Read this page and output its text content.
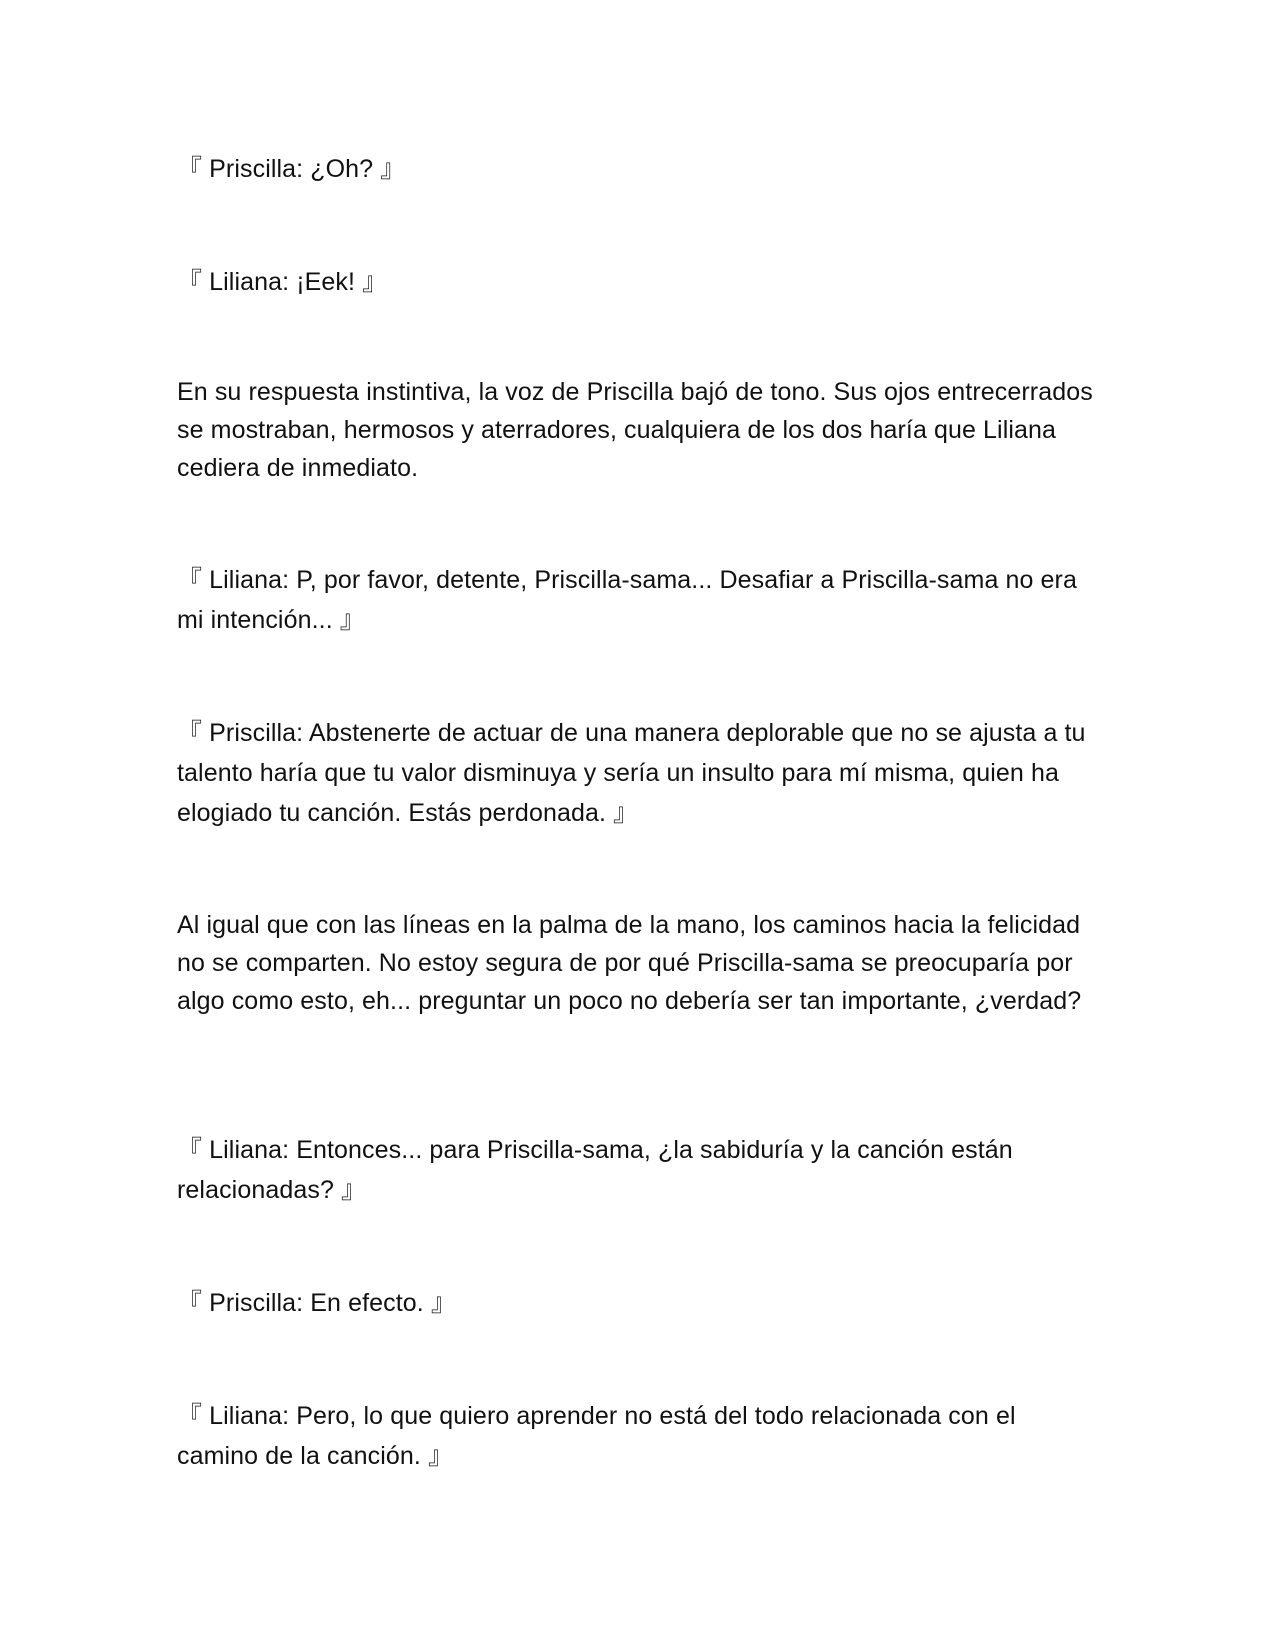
『 Priscilla: ¿Oh? 』

『 Liliana: ¡Eek! 』

En su respuesta instintiva, la voz de Priscilla bajó de tono. Sus ojos entrecerrados se mostraban, hermosos y aterradores, cualquiera de los dos haría que Liliana cediera de inmediato.

『 Liliana: P, por favor, detente, Priscilla-sama... Desafiar a Priscilla-sama no era mi intención... 』

『 Priscilla: Abstenerte de actuar de una manera deplorable que no se ajusta a tu talento haría que tu valor disminuya y sería un insulto para mí misma, quien ha elogiado tu canción. Estás perdonada. 』

Al igual que con las líneas en la palma de la mano, los caminos hacia la felicidad no se comparten. No estoy segura de por qué Priscilla-sama se preocuparía por algo como esto, eh... preguntar un poco no debería ser tan importante, ¿verdad?

『 Liliana: Entonces... para Priscilla-sama, ¿la sabiduría y la canción están relacionadas? 』

『 Priscilla: En efecto. 』

『 Liliana: Pero, lo que quiero aprender no está del todo relacionada con el camino de la canción. 』
